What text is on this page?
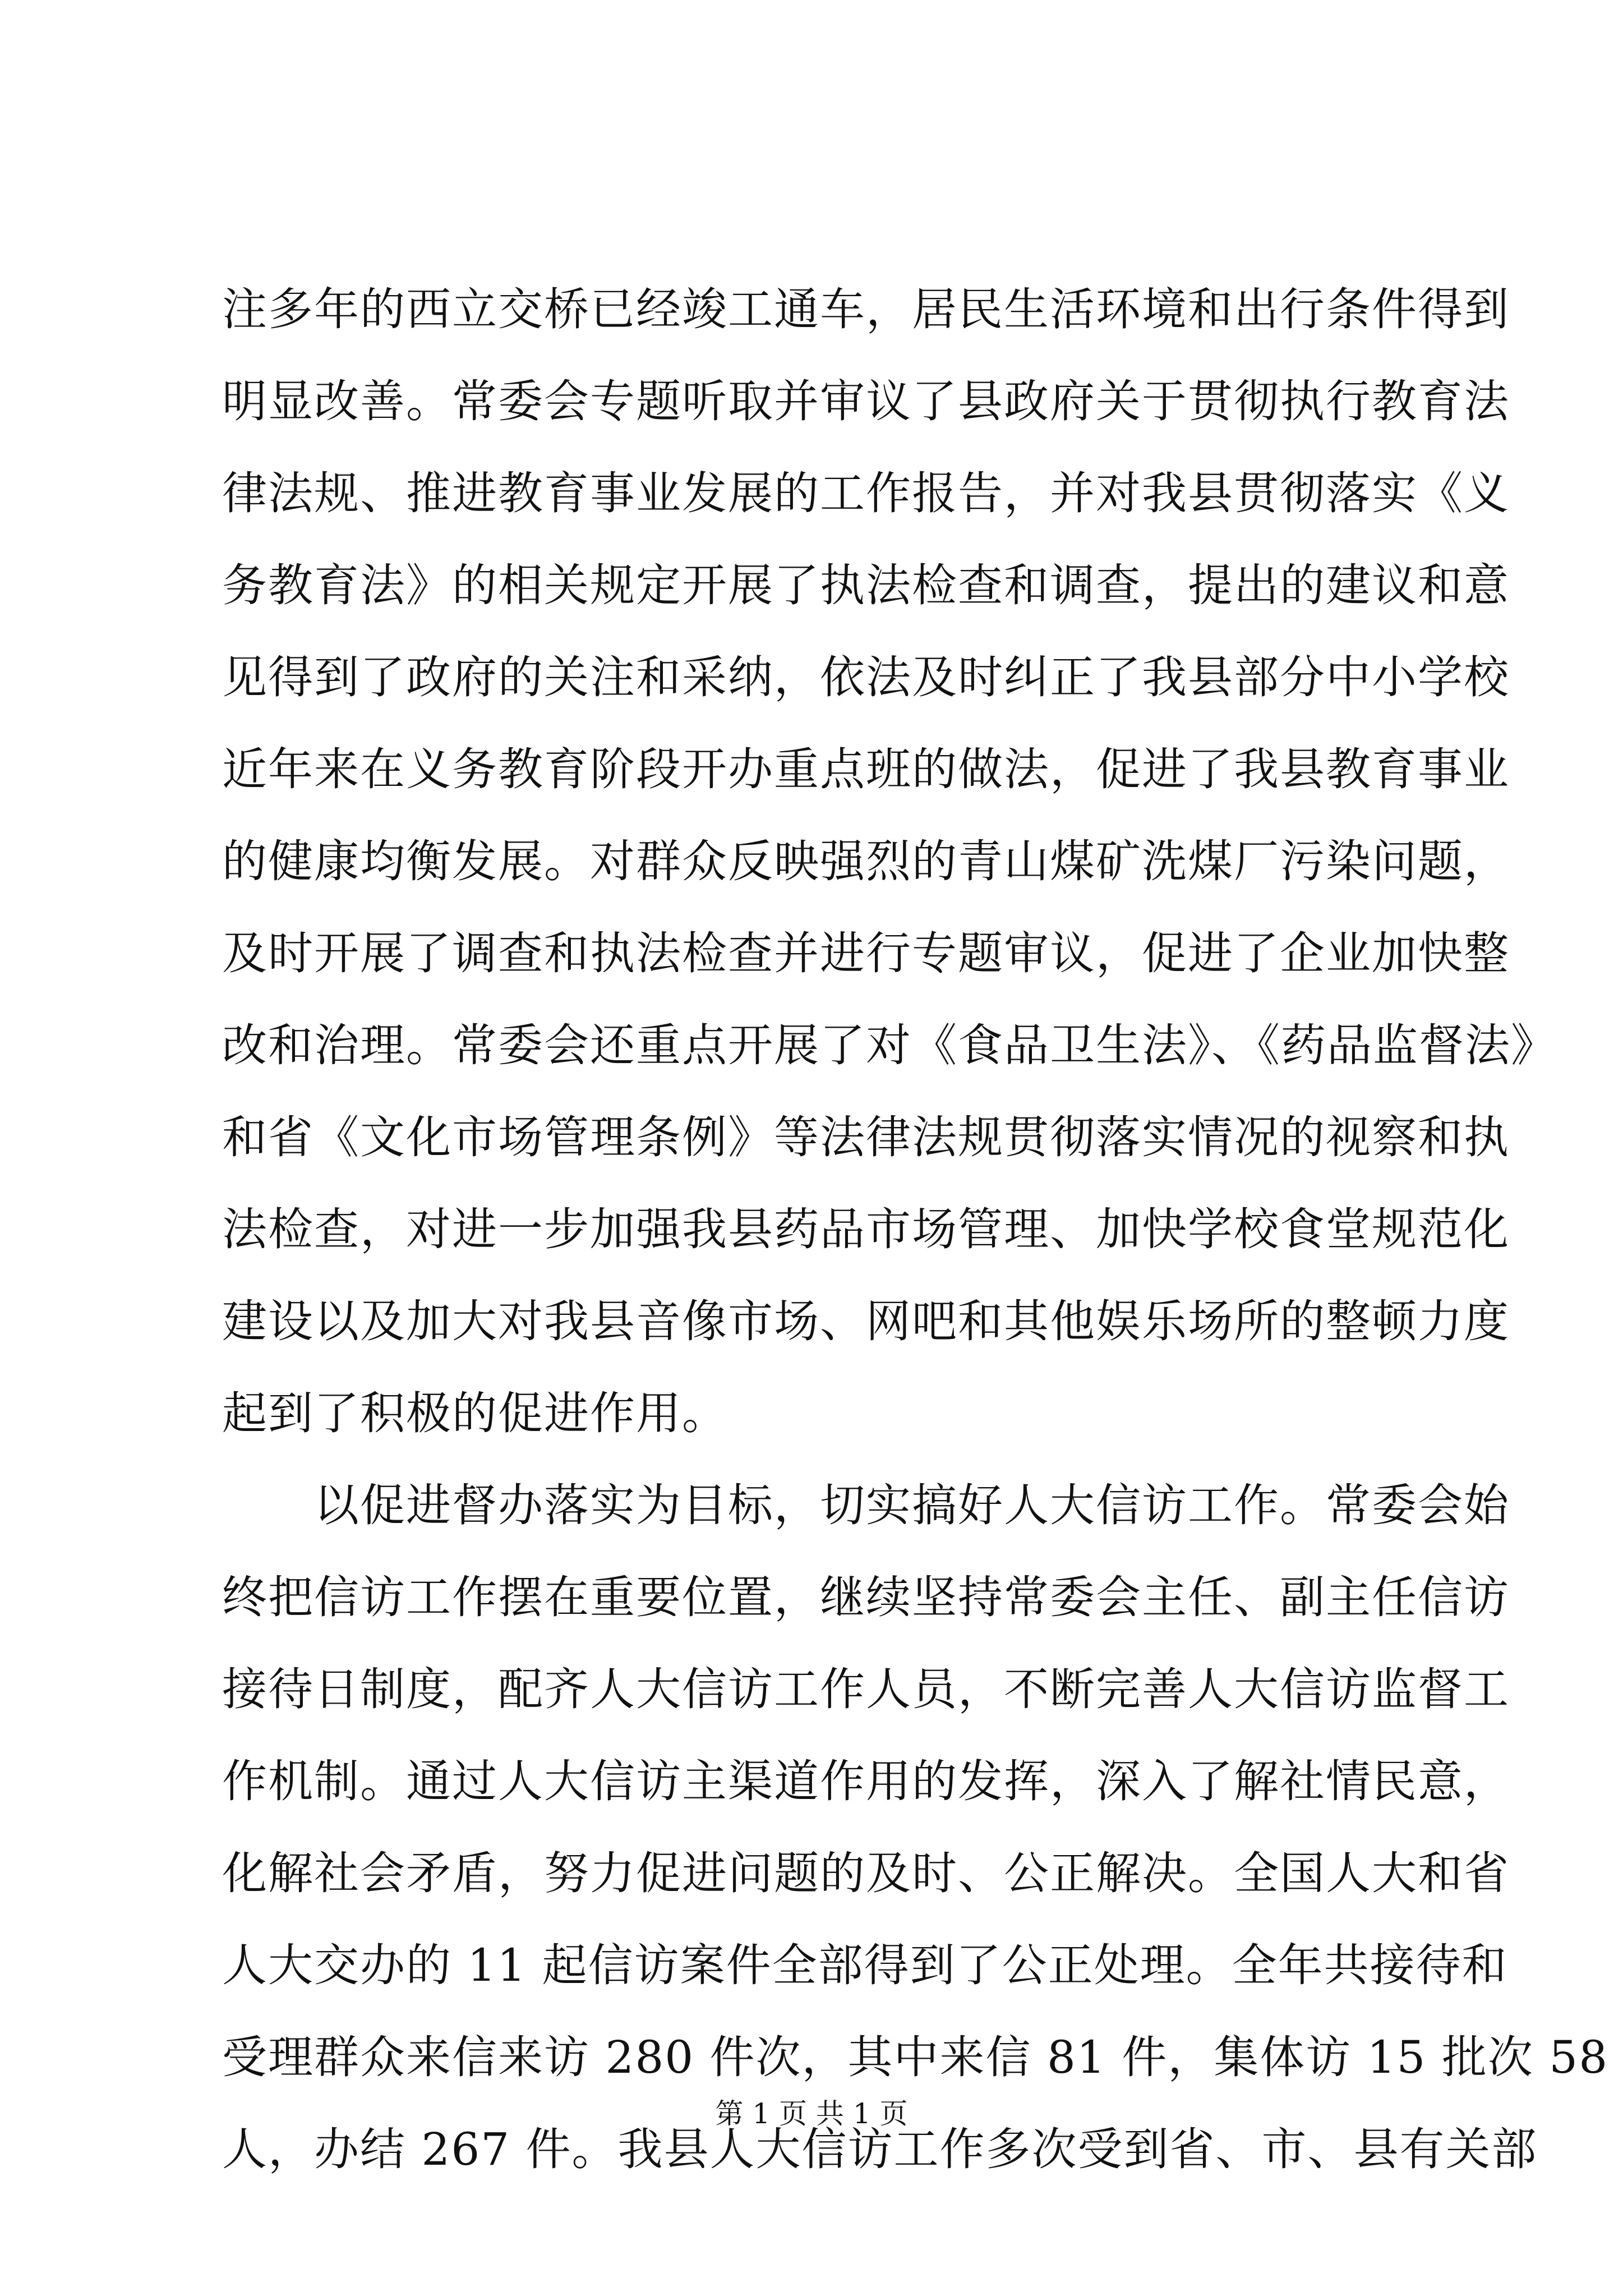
注多年的西立交桥已经竣工通车，居民生活环境和出行条件得到
明显改善。常委会专题听取并审议了县政府关于贯彻执行教育法
律法规、推进教育事业发展的工作报告，并对我县贯彻落实《义
务教育法》的相关规定开展了执法检查和调查，提出的建议和意
见得到了政府的关注和采纳，依法及时纠正了我县部分中小学校
近年来在义务教育阶段开办重点班的做法，促进了我县教育事业
的健康均衡发展。对群众反映强烈的青山煤矿洗煤厂污染问题，
及时开展了调查和执法检查并进行专题审议，促进了企业加快整
改和治理。常委会还重点开展了对《食品卫生法》、《药品监督法》
和省《文化市场管理条例》等法律法规贯彻落实情况的视察和执
法检查，对进一步加强我县药品市场管理、加快学校食堂规范化
建设以及加大对我县音像市场、网吧和其他娱乐场所的整顿力度
起到了积极的促进作用。
　　以促进督办落实为目标，切实搞好人大信访工作。常委会始
终把信访工作摆在重要位置，继续坚持常委会主任、副主任信访
接待日制度，配齐人大信访工作人员，不断完善人大信访监督工
作机制。通过人大信访主渠道作用的发挥，深入了解社情民意，
化解社会矛盾，努力促进问题的及时、公正解决。全国人大和省
人大交办的 11 起信访案件全部得到了公正处理。全年共接待和
受理群众来信来访 280 件次，其中来信 81 件，集体访 15 批次 58
人，办结 267 件。我县人大信访工作多次受到省、市、县有关部
第 1 页 共 1 页
